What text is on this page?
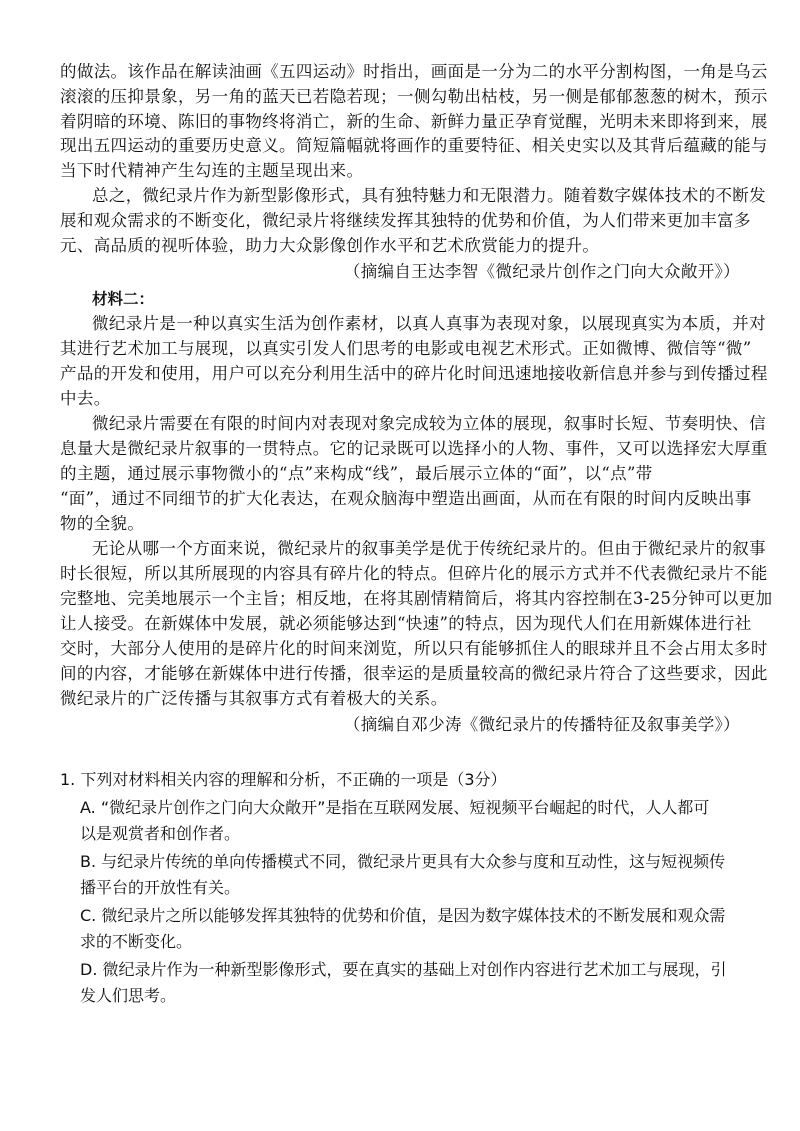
的做法。该作品在解读油画《五四运动》时指出，画面是一分为二的水平分割构图，一角是乌云
滚滚的压抑景象，另一角的蓝天已若隐若现；一侧勾勒出枯枝，另一侧是郁郁葱葱的树木，预示
着阴暗的环境、陈旧的事物终将消亡，新的生命、新鲜力量正孕育觉醒，光明未来即将到来，展
现出五四运动的重要历史意义。简短篇幅就将画作的重要特征、相关史实以及其背后蕴藏的能与
当下时代精神产生勾连的主题呈现出来。
总之，微纪录片作为新型影像形式，具有独特魅力和无限潜力。随着数字媒体技术的不断发
展和观众需求的不断变化，微纪录片将继续发挥其独特的优势和价值，为人们带来更加丰富多
元、高品质的视听体验，助力大众影像创作水平和艺术欣赏能力的提升。
（摘编自王达李智《微纪录片创作之门向大众敞开》）
材料二：
微纪录片是一种以真实生活为创作素材，以真人真事为表现对象，以展现真实为本质，并对
其进行艺术加工与展现，以真实引发人们思考的电影或电视艺术形式。正如微博、微信等“微”
产品的开发和使用，用户可以充分利用生活中的碎片化时间迅速地接收新信息并参与到传播过程
中去。
微纪录片需要在有限的时间内对表现对象完成较为立体的展现，叙事时长短、节奏明快、信
息量大是微纪录片叙事的一贯特点。它的记录既可以选择小的人物、事件，又可以选择宏大厚重
的主题，通过展示事物微小的“点”来构成“线”，最后展示立体的“面”，以“点”带
“面”，通过不同细节的扩大化表达，在观众脑海中塑造出画面，从而在有限的时间内反映出事
物的全貌。
无论从哪一个方面来说，微纪录片的叙事美学是优于传统纪录片的。但由于微纪录片的叙事
时长很短，所以其所展现的内容具有碎片化的特点。但碎片化的展示方式并不代表微纪录片不能
完整地、完美地展示一个主旨；相反地，在将其剧情精简后，将其内容控制在3-25分钟可以更加
让人接受。在新媒体中发展，就必须能够达到“快速”的特点，因为现代人们在用新媒体进行社
交时，大部分人使用的是碎片化的时间来浏览，所以只有能够抓住人的眼球并且不会占用太多时
间的内容，才能够在新媒体中进行传播，很幸运的是质量较高的微纪录片符合了这些要求，因此
微纪录片的广泛传播与其叙事方式有着极大的关系。
（摘编自邓少涛《微纪录片的传播特征及叙事美学》）
1. 下列对材料相关内容的理解和分析，不正确的一项是（3分）
A. “微纪录片创作之门向大众敞开”是指在互联网发展、短视频平台崛起的时代，人人都可
以是观赏者和创作者。
B. 与纪录片传统的单向传播模式不同，微纪录片更具有大众参与度和互动性，这与短视频传
播平台的开放性有关。
C. 微纪录片之所以能够发挥其独特的优势和价值，是因为数字媒体技术的不断发展和观众需
求的不断变化。
D. 微纪录片作为一种新型影像形式，要在真实的基础上对创作内容进行艺术加工与展现，引
发人们思考。
